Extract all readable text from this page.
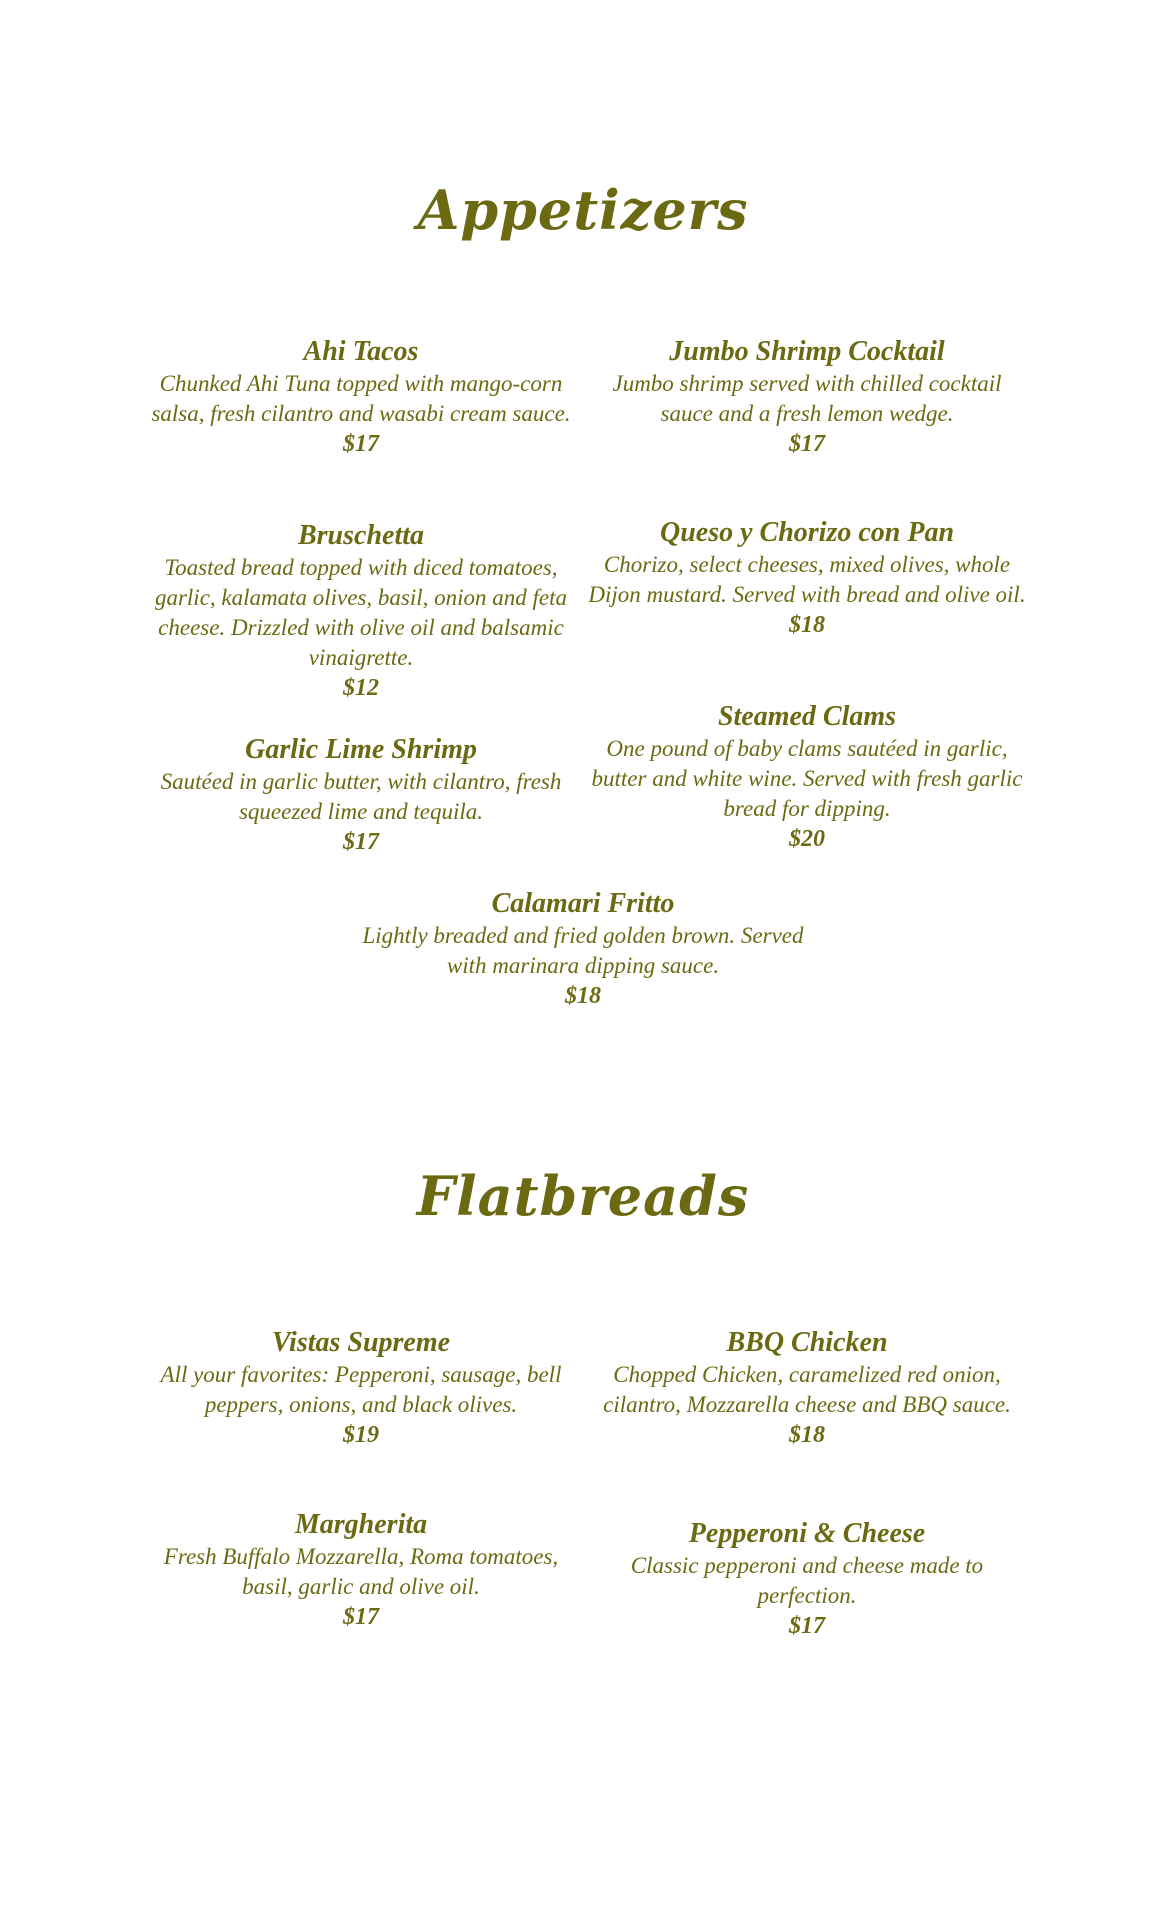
Appetizers
Ahi Tacos
Chunked Ahi Tuna topped with mango-corn salsa, fresh cilantro and wasabi cream sauce.
$17
Jumbo Shrimp Cocktail
Jumbo shrimp served with chilled cocktail sauce and a fresh lemon wedge.
$17
Bruschetta
Toasted bread topped with diced tomatoes, garlic, kalamata olives, basil, onion and feta cheese. Drizzled with olive oil and balsamic vinaigrette.
$12
Queso y Chorizo con Pan
Chorizo, select cheeses, mixed olives, whole Dijon mustard. Served with bread and olive oil.
$18
Garlic Lime Shrimp
Sautéed in garlic butter, with cilantro, fresh squeezed lime and tequila.
$17
Steamed Clams
One pound of baby clams sautéed in garlic, butter and white wine. Served with fresh garlic bread for dipping.
$20
Calamari Fritto
Lightly breaded and fried golden brown. Served with marinara dipping sauce.
$18
Flatbreads
Vistas Supreme
All your favorites: Pepperoni, sausage, bell peppers, onions, and black olives.
$19
BBQ Chicken
Chopped Chicken, caramelized red onion, cilantro, Mozzarella cheese and BBQ sauce.
$18
Margherita
Fresh Buffalo Mozzarella, Roma tomatoes, basil, garlic and olive oil.
$17
Pepperoni & Cheese
Classic pepperoni and cheese made to perfection.
$17
